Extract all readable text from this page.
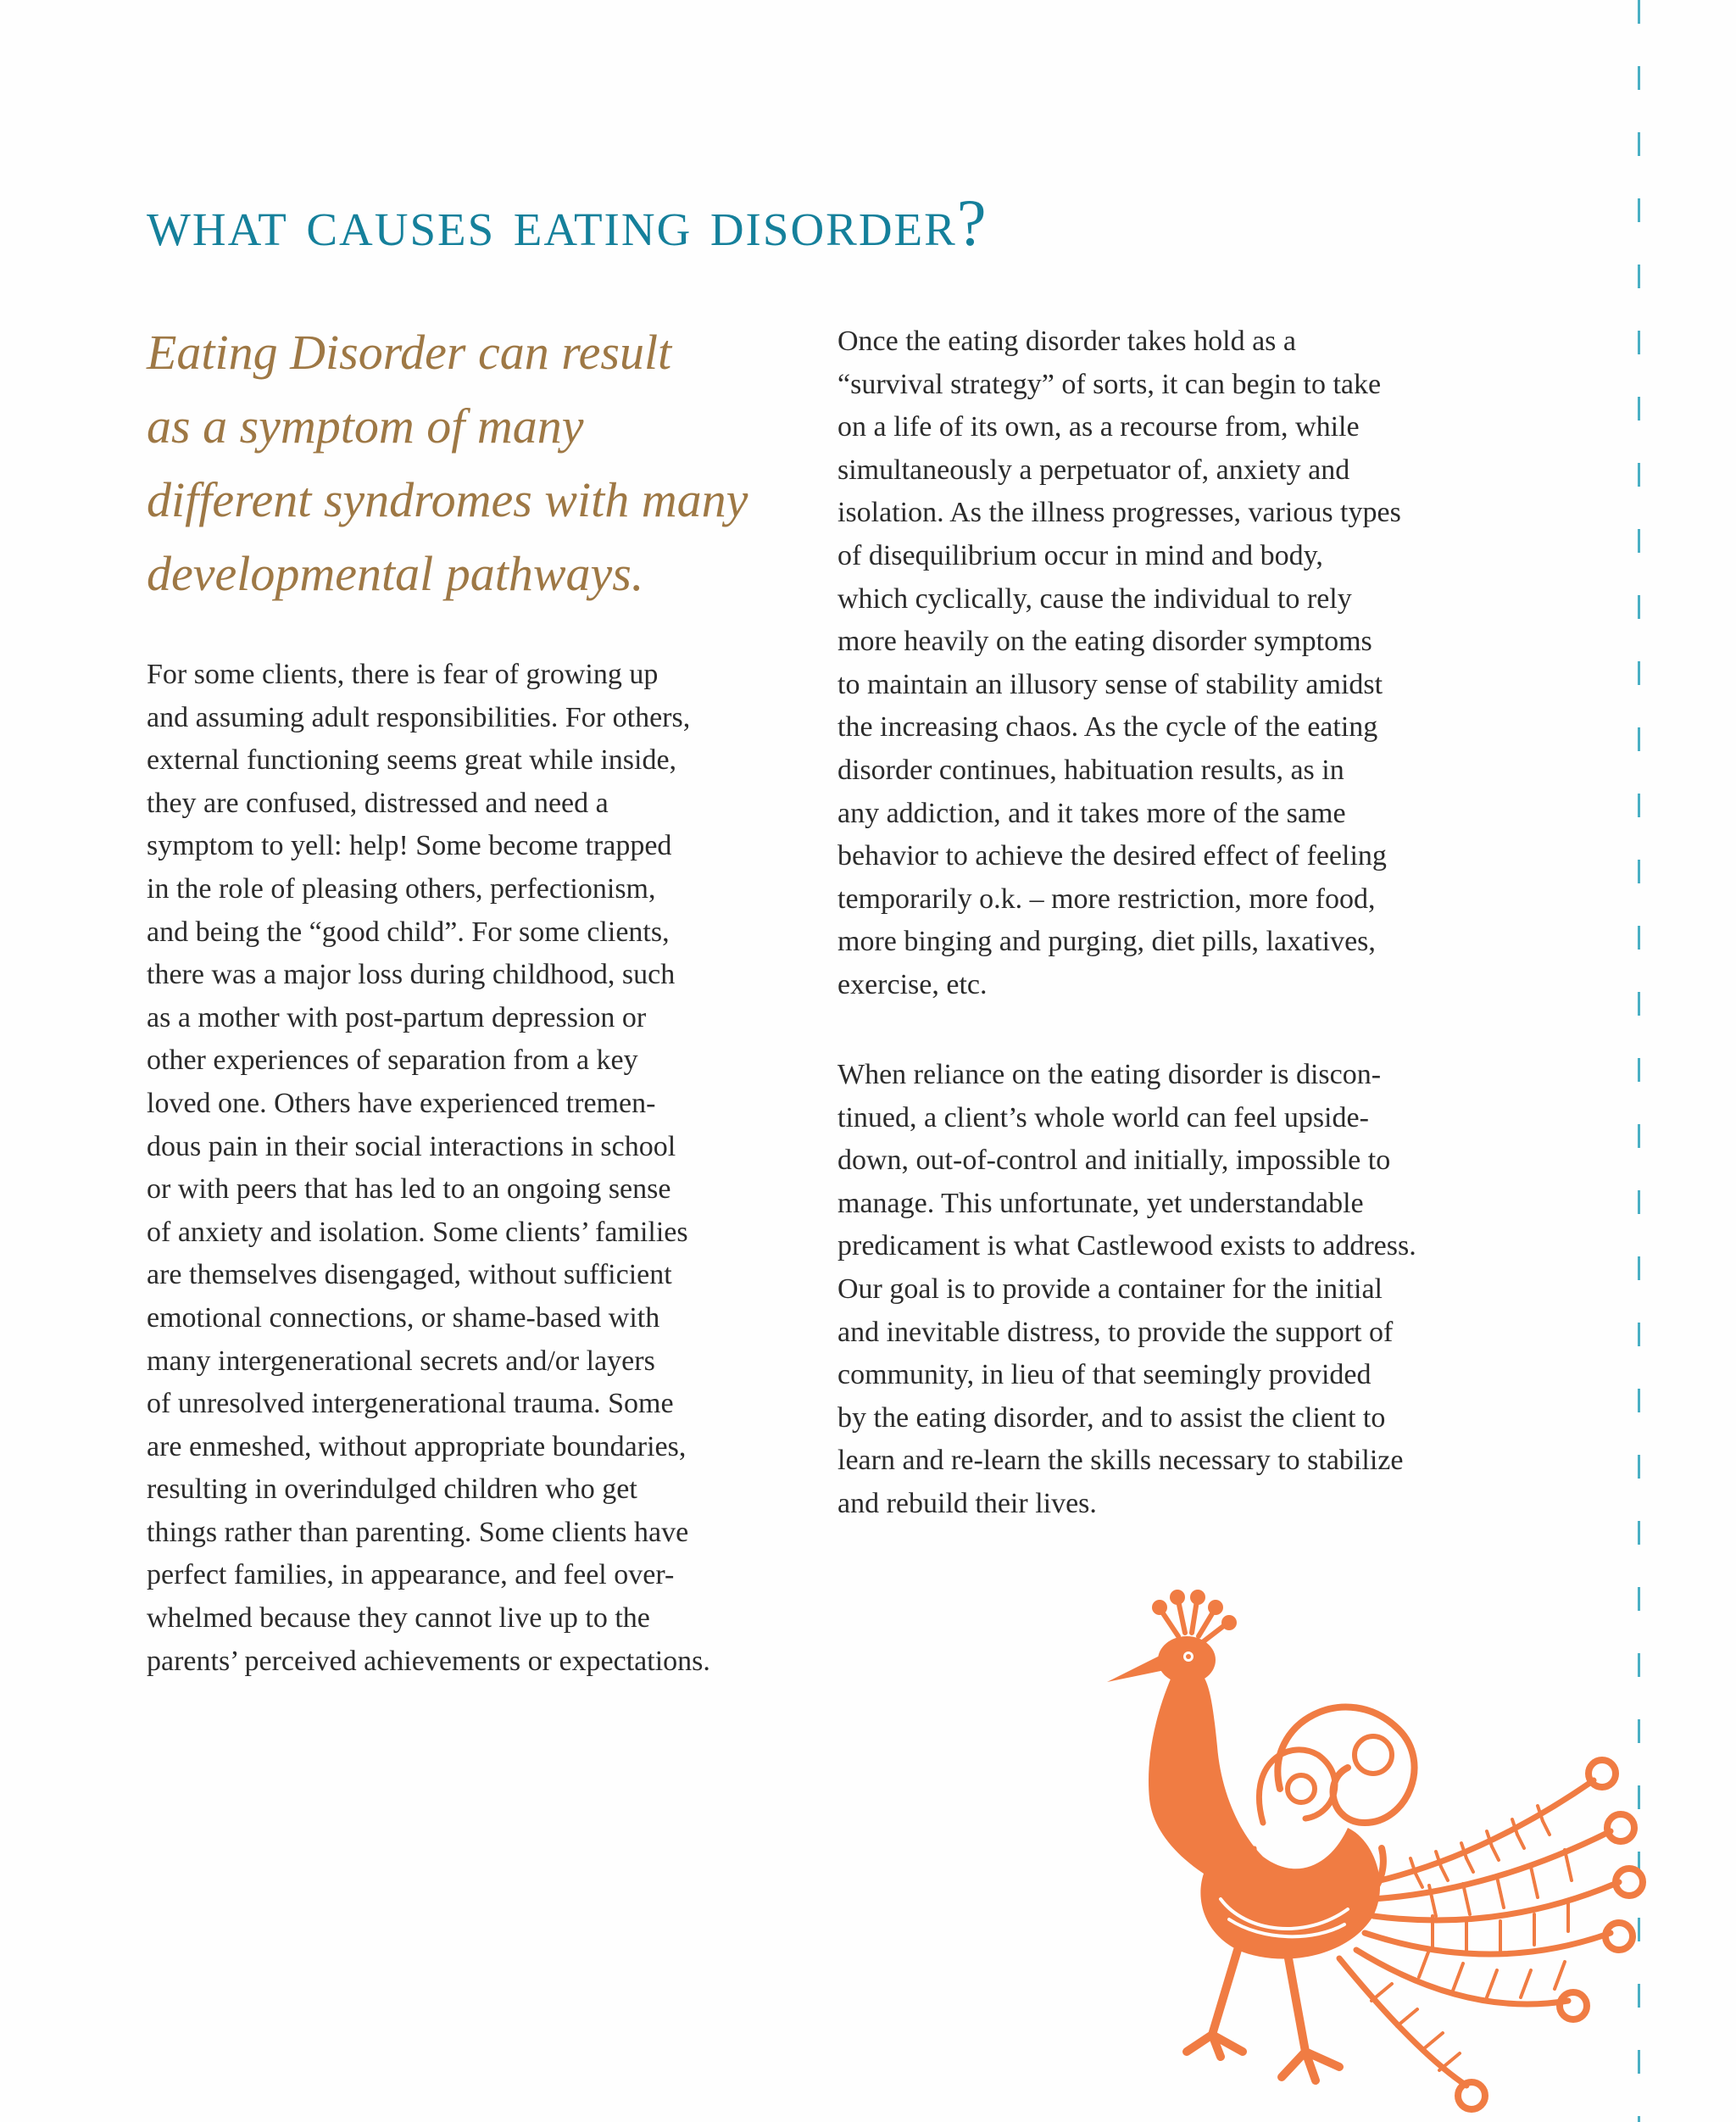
what causes eating disorder?
Eating Disorder can result
as a symptom of many
different syndromes with many
developmental pathways.
For some clients, there is fear of growing up
and assuming adult responsibilities. For others,
external functioning seems great while inside,
they are confused, distressed and need a
symptom to yell: help! Some become trapped
in the role of pleasing others, perfectionism,
and being the “good child”. For some clients,
there was a major loss during childhood, such
as a mother with post-partum depression or
other experiences of separation from a key
loved one. Others have experienced tremen-
dous pain in their social interactions in school
or with peers that has led to an ongoing sense
of anxiety and isolation. Some clients’ families
are themselves disengaged, without sufficient
emotional connections, or shame-based with
many intergenerational secrets and/or layers
of unresolved intergenerational trauma. Some
are enmeshed, without appropriate boundaries,
resulting in overindulged children who get
things rather than parenting. Some clients have
perfect families, in appearance, and feel over-
whelmed because they cannot live up to the
parents’ perceived achievements or expectations.
Once the eating disorder takes hold as a
“survival strategy” of sorts, it can begin to take
on a life of its own, as a recourse from, while
simultaneously a perpetuator of, anxiety and
isolation. As the illness progresses, various types
of disequilibrium occur in mind and body,
which cyclically, cause the individual to rely
more heavily on the eating disorder symptoms
to maintain an illusory sense of stability amidst
the increasing chaos. As the cycle of the eating
disorder continues, habituation results, as in
any addiction, and it takes more of the same
behavior to achieve the desired effect of feeling
temporarily o.k. – more restriction, more food,
more binging and purging, diet pills, laxatives,
exercise, etc.
When reliance on the eating disorder is discon-
tinued, a client’s whole world can feel upside-
down, out-of-control and initially, impossible to
manage. This unfortunate, yet understandable
predicament is what Castlewood exists to address.
Our goal is to provide a container for the initial
and inevitable distress, to provide the support of
community, in lieu of that seemingly provided
by the eating disorder, and to assist the client to
learn and re-learn the skills necessary to stabilize
and rebuild their lives.
